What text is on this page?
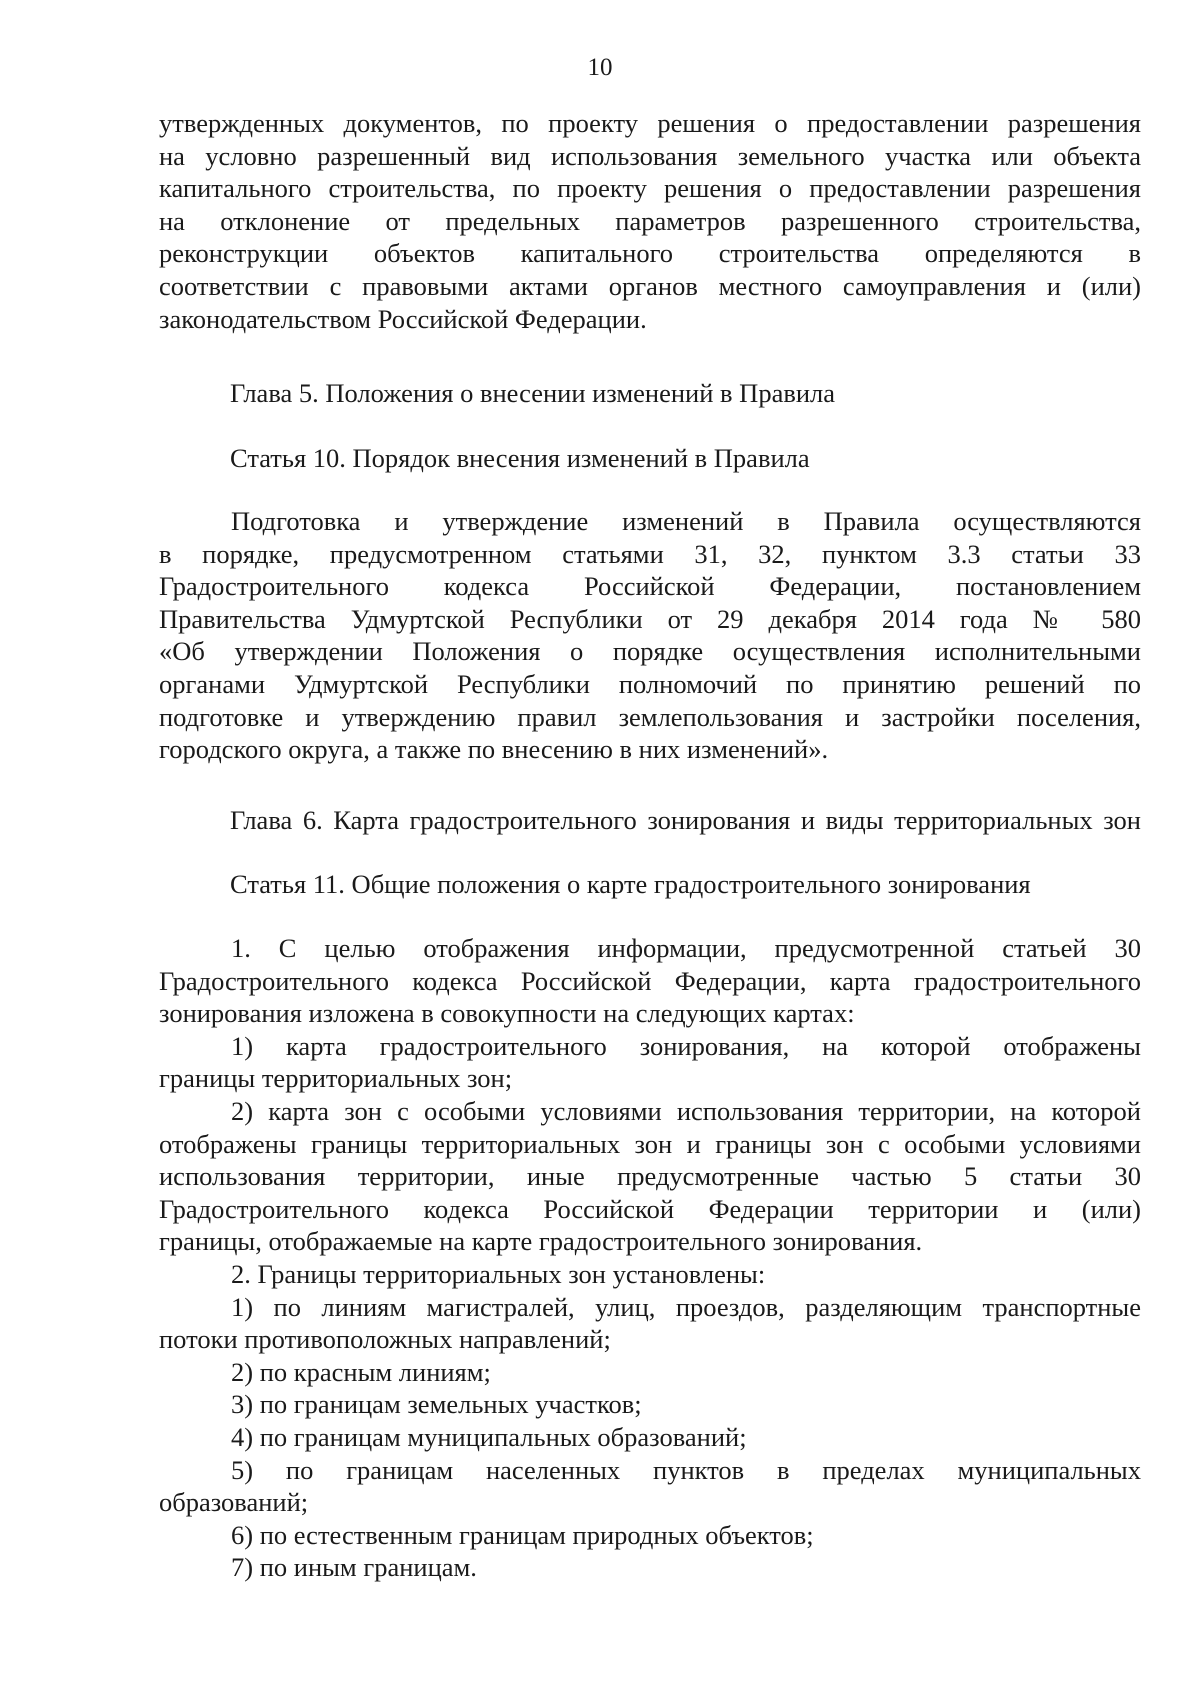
10
утвержденных документов, по проекту решения о предоставлении разрешения
на условно разрешенный вид использования земельного участка или объекта
капитального строительства, по проекту решения о предоставлении разрешения
на отклонение от предельных параметров разрешенного строительства,
реконструкции объектов капитального строительства определяются в
соответствии с правовыми актами органов местного самоуправления и (или)
законодательством Российской Федерации.
Глава 5. Положения о внесении изменений в Правила
Статья 10. Порядок внесения изменений в Правила
Подготовка и утверждение изменений в Правила осуществляются
в порядке, предусмотренном статьями 31, 32, пунктом 3.3 статьи 33
Градостроительного кодекса Российской Федерации, постановлением
Правительства Удмуртской Республики от 29 декабря 2014 года № 580
«Об утверждении Положения о порядке осуществления исполнительными
органами Удмуртской Республики полномочий по принятию решений по
подготовке и утверждению правил землепользования и застройки поселения,
городского округа, а также по внесению в них изменений».
Глава 6. Карта градостроительного зонирования и виды территориальных зон
Статья 11. Общие положения о карте градостроительного зонирования
1. С целью отображения информации, предусмотренной статьей 30
Градостроительного кодекса Российской Федерации, карта градостроительного
зонирования изложена в совокупности на следующих картах:
1) карта градостроительного зонирования, на которой отображены
границы территориальных зон;
2) карта зон с особыми условиями использования территории, на которой
отображены границы территориальных зон и границы зон с особыми условиями
использования территории, иные предусмотренные частью 5 статьи 30
Градостроительного кодекса Российской Федерации территории и (или)
границы, отображаемые на карте градостроительного зонирования.
2. Границы территориальных зон установлены:
1) по линиям магистралей, улиц, проездов, разделяющим транспортные
потоки противоположных направлений;
2) по красным линиям;
3) по границам земельных участков;
4) по границам муниципальных образований;
5) по границам населенных пунктов в пределах муниципальных
образований;
6) по естественным границам природных объектов;
7) по иным границам.
